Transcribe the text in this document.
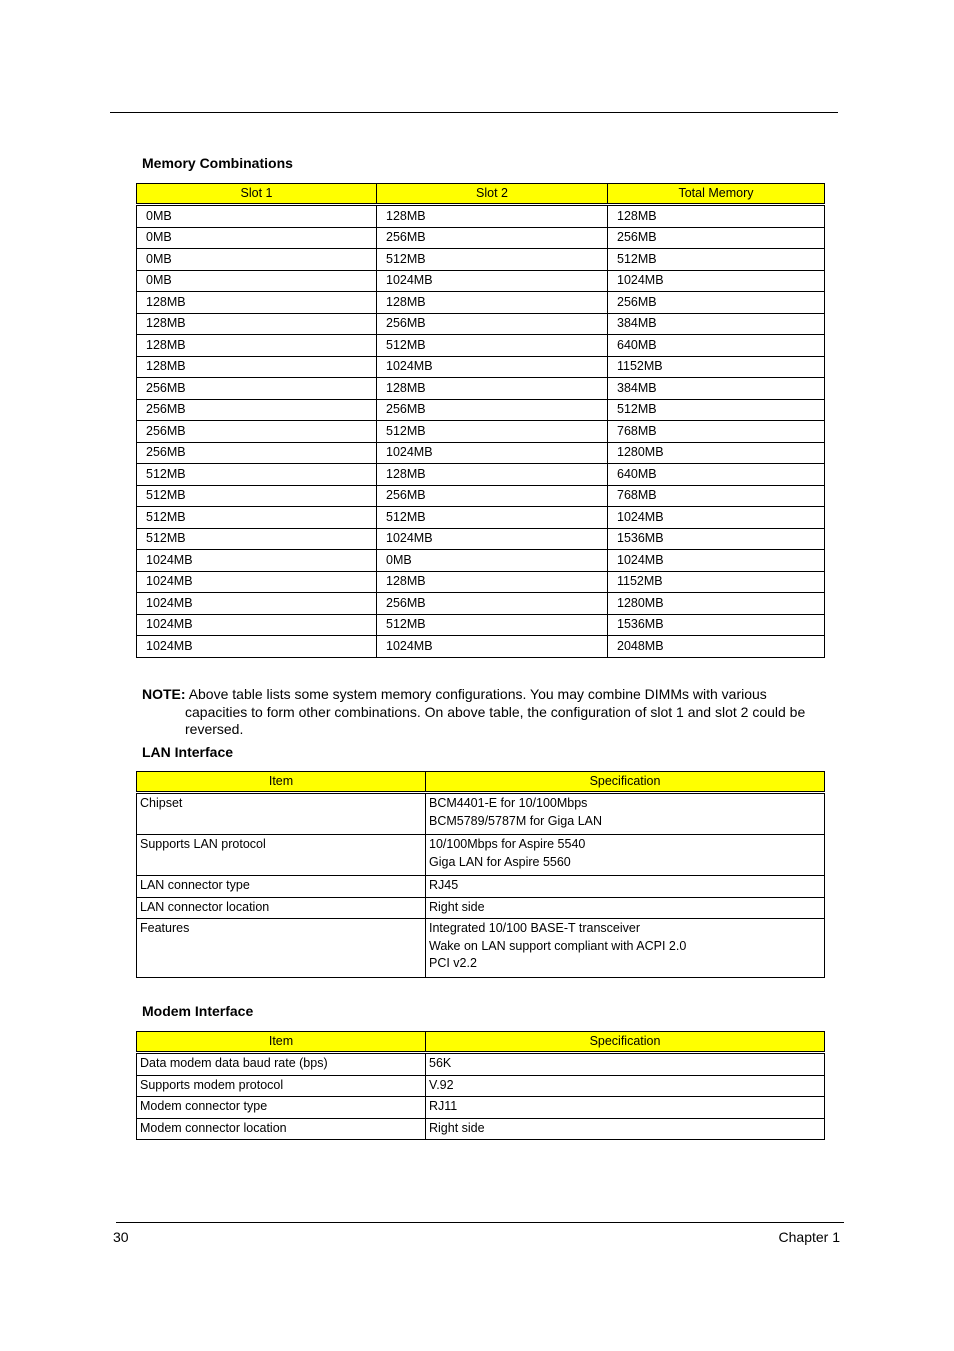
Memory Combinations
Slot 1	Slot 2	Total Memory

0MB	128MB	128MB
0MB	256MB	256MB
0MB	512MB	512MB
0MB	1024MB	1024MB
128MB	128MB	256MB
128MB	256MB	384MB
128MB	512MB	640MB
128MB	1024MB	1152MB
256MB	128MB	384MB
256MB	256MB	512MB
256MB	512MB	768MB
256MB	1024MB	1280MB
512MB	128MB	640MB
512MB	256MB	768MB
512MB	512MB	1024MB
512MB	1024MB	1536MB
1024MB	0MB	1024MB
1024MB	128MB	1152MB
1024MB	256MB	1280MB
1024MB	512MB	1536MB
1024MB	1024MB	2048MB
NOTE: Above table lists some system memory configurations. You may combine DIMMs with various
capacities to form other combinations. On above table, the configuration of slot 1 and slot 2 could be
reversed.
LAN Interface
Item	Specification

Chipset	BCM4401-E for 10/100Mbps
BCM5789/5787M for Giga LAN

Supports LAN protocol	10/100Mbps for Aspire 5540
Giga LAN for Aspire 5560

LAN connector type	RJ45

LAN connector location	Right side

Features	Integrated 10/100 BASE-T transceiver
Wake on LAN support compliant with ACPI 2.0
PCI v2.2
Modem Interface
Item	Specification

Data modem data baud rate (bps)	56K
Supports modem protocol	V.92
Modem connector type	RJ11
Modem connector location	Right side
30	Chapter 1
